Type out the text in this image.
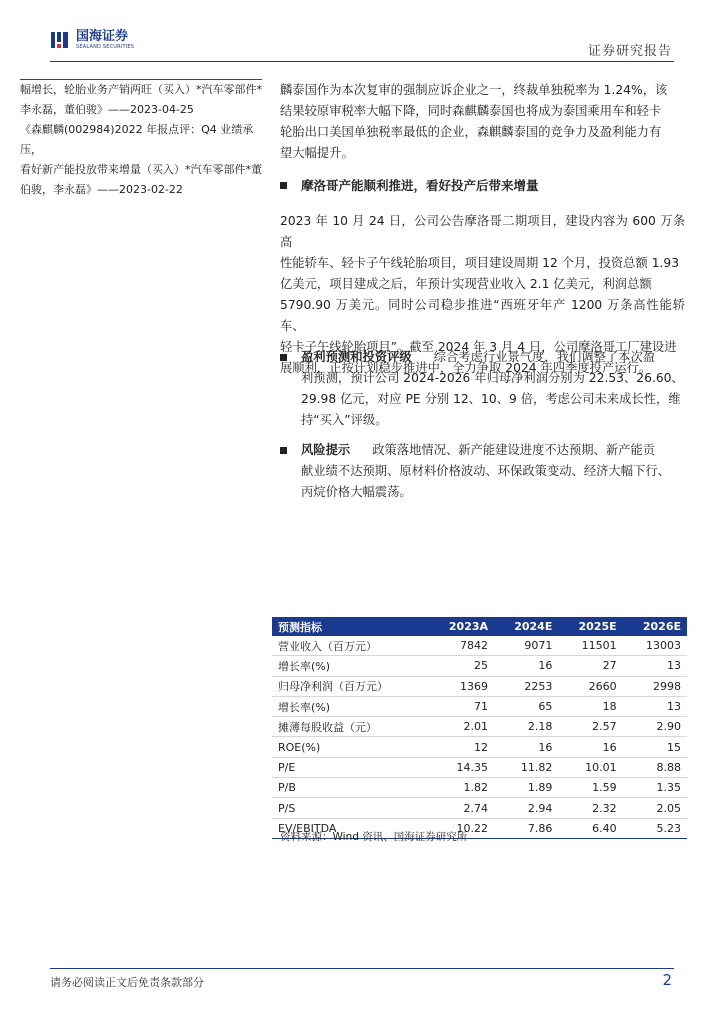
国海证券
SEALAND SECURITIES	证券研究报告

幅增长，轮胎业务产销两旺（买入）*汽车零部件*

李永磊，董伯骏》——2023-04-25

《森麒麟(002984)2022 年报点评：Q4 业绩承压，

看好新产能投放带来增量（买入）*汽车零部件*董

伯骏，李永磊》——2023-02-22

麟泰国作为本次复审的强制应诉企业之一，终裁单独税率为 1.24%，该

结果较原审税率大幅下降，同时森麒麟泰国也将成为泰国乘用车和轻卡

轮胎出口美国单独税率最低的企业，森麒麟泰国的竞争力及盈利能力有

望大幅提升。

摩洛哥产能顺利推进，看好投产后带来增量

2023 年 10 月 24 日，公司公告摩洛哥二期项目，建设内容为 600 万条高

性能轿车、轻卡子午线轮胎项目，项目建设周期 12 个月，投资总额 1.93

亿美元，项目建成之后，年预计实现营业收入 2.1 亿美元，利润总额

5790.90 万美元。同时公司稳步推进“西班牙年产 1200 万条高性能轿车、

轻卡子午线轮胎项目”。截至 2024 年 3 月 4 日，公司摩洛哥工厂建设进

展顺利，正按计划稳步推进中，全力争取 2024 年四季度投产运行。

盈利预测和投资评级 综合考虑行业景气度，我们调整了本次盈

利预测，预计公司 2024-2026 年归母净利润分别为 22.53、26.60、

29.98 亿元，对应 PE 分别 12、10、9 倍，考虑公司未来成长性，维

持“买入”评级。

风险提示 政策落地情况、新产能建设进度不达预期、新产能贡

献业绩不达预期、原材料价格波动、环保政策变动、经济大幅下行、

丙烷价格大幅震荡。

预测指标	2023A	2024E	2025E	2026E
营业收入（百万元）	7842	9071	11501	13003
增长率(%)	25	16	27	13
归母净利润（百万元）	1369	2253	2660	2998
增长率(%)	71	65	18	13
摊薄每股收益（元）	2.01	2.18	2.57	2.90
ROE(%)	12	16	16	15
P/E	14.35	11.82	10.01	8.88
P/B	1.82	1.89	1.59	1.35
P/S	2.74	2.94	2.32	2.05
EV/EBITDA	10.22	7.86	6.40	5.23
资料来源：Wind 资讯、国海证券研究所
请务必阅读正文后免责条款部分	2
